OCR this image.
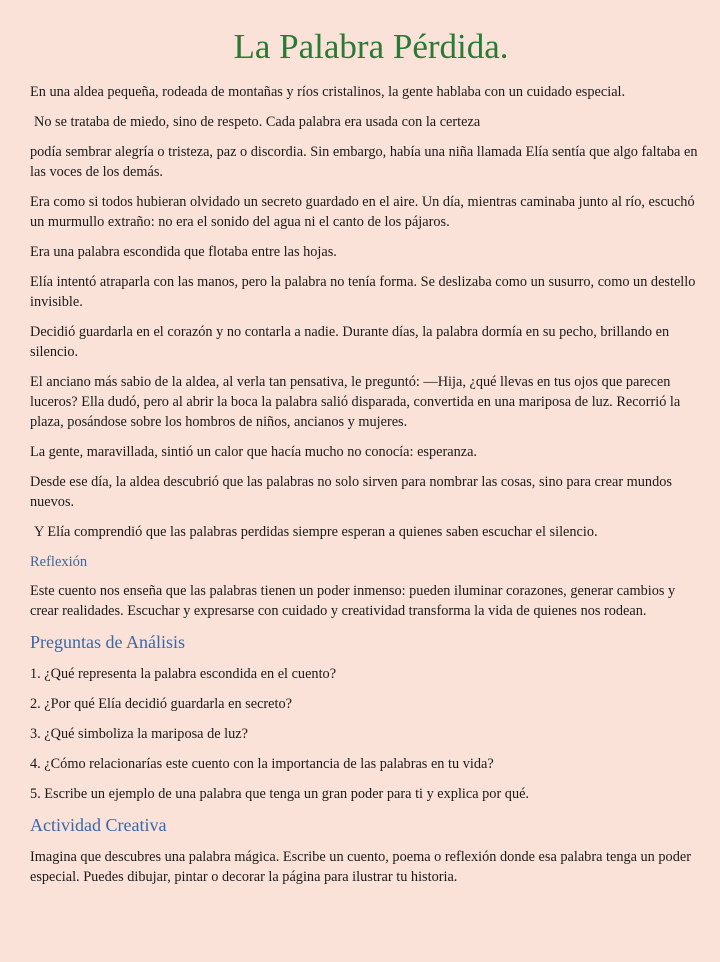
La Palabra Pérdida.

En una aldea pequeña, rodeada de montañas y ríos cristalinos, la gente hablaba con un cuidado especial.

No se trataba de miedo, sino de respeto. Cada palabra era usada con la certeza

podía sembrar alegría o tristeza, paz o discordia. Sin embargo, había una niña llamada Elía sentía que algo faltaba en las voces de los demás.

Era como si todos hubieran olvidado un secreto guardado en el aire. Un día, mientras caminaba junto al río, escuchó un murmullo extraño: no era el sonido del agua ni el canto de los pájaros.

Era una palabra escondida que flotaba entre las hojas.

Elía intentó atraparla con las manos, pero la palabra no tenía forma. Se deslizaba como un susurro, como un destello invisible.

Decidió guardarla en el corazón y no contarla a nadie. Durante días, la palabra dormía en su pecho, brillando en silencio.

El anciano más sabio de la aldea, al verla tan pensativa, le preguntó: —Hija, ¿qué llevas en tus ojos que parecen luceros? Ella dudó, pero al abrir la boca la palabra salió disparada, convertida en una mariposa de luz. Recorrió la plaza, posándose sobre los hombros de niños, ancianos y mujeres.

La gente, maravillada, sintió un calor que hacía mucho no conocía: esperanza.

Desde ese día, la aldea descubrió que las palabras no solo sirven para nombrar las cosas, sino para crear mundos nuevos.

Y Elía comprendió que las palabras perdidas siempre esperan a quienes saben escuchar el silencio.

Reflexión

Este cuento nos enseña que las palabras tienen un poder inmenso: pueden iluminar corazones, generar cambios y crear realidades. Escuchar y expresarse con cuidado y creatividad transforma la vida de quienes nos rodean.

Preguntas de Análisis
1. ¿Qué representa la palabra escondida en el cuento?
2. ¿Por qué Elía decidió guardarla en secreto?
3. ¿Qué simboliza la mariposa de luz?
4. ¿Cómo relacionarías este cuento con la importancia de las palabras en tu vida?
5. Escribe un ejemplo de una palabra que tenga un gran poder para ti y explica por qué.
Actividad Creativa

Imagina que descubres una palabra mágica. Escribe un cuento, poema o reflexión donde esa palabra tenga un poder especial. Puedes dibujar, pintar o decorar la página para ilustrar tu historia.
